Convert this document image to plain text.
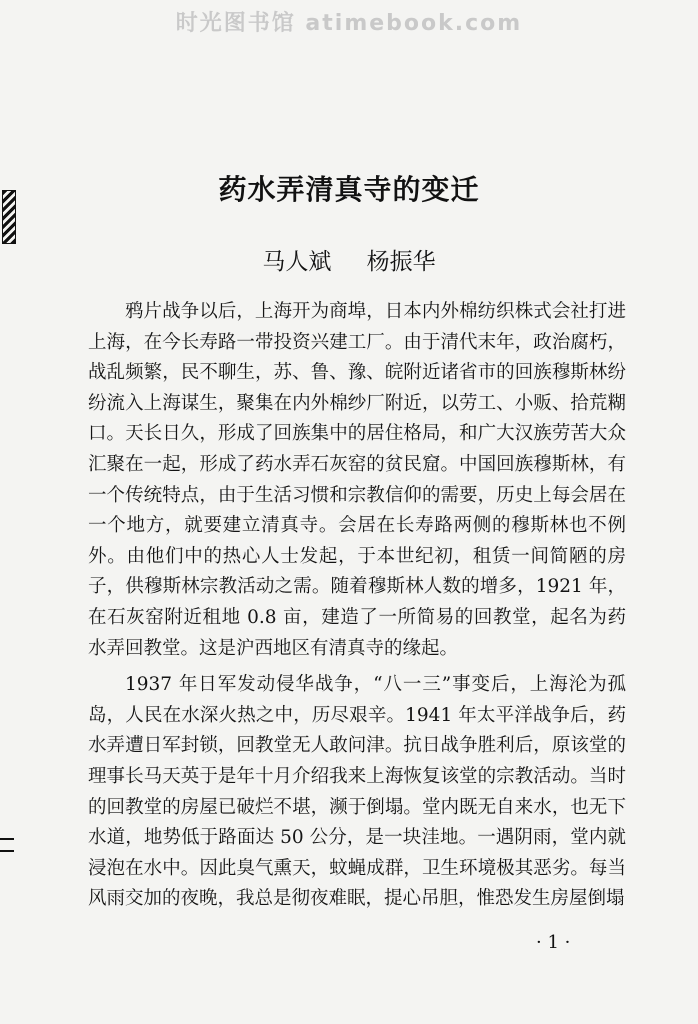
时光图书馆 atimebook.com
药水弄清真寺的变迁
马人斌 杨振华

鸦片战争以后，上海开为商埠，日本内外棉纺织株式会社打进上海，在今长寿路一带投资兴建工厂。由于清代末年，政治腐朽，战乱频繁，民不聊生，苏、鲁、豫、皖附近诸省市的回族穆斯林纷纷流入上海谋生，聚集在内外棉纱厂附近，以劳工、小贩、拾荒糊口。天长日久，形成了回族集中的居住格局，和广大汉族劳苦大众汇聚在一起，形成了药水弄石灰窑的贫民窟。中国回族穆斯林，有一个传统特点，由于生活习惯和宗教信仰的需要，历史上每会居在一个地方，就要建立清真寺。会居在长寿路两侧的穆斯林也不例外。由他们中的热心人士发起，于本世纪初，租赁一间简陋的房子，供穆斯林宗教活动之需。随着穆斯林人数的增多，1921 年，在石灰窑附近租地 0.8 亩，建造了一所简易的回教堂，起名为药水弄回教堂。这是沪西地区有清真寺的缘起。

1937 年日军发动侵华战争，“八一三”事变后，上海沦为孤岛，人民在水深火热之中，历尽艰辛。1941 年太平洋战争后，药水弄遭日军封锁，回教堂无人敢问津。抗日战争胜利后，原该堂的理事长马天英于是年十月介绍我来上海恢复该堂的宗教活动。当时的回教堂的房屋已破烂不堪，濒于倒塌。堂内既无自来水，也无下水道，地势低于路面达 50 公分，是一块洼地。一遇阴雨，堂内就浸泡在水中。因此臭气熏天，蚊蝇成群，卫生环境极其恶劣。每当风雨交加的夜晚，我总是彻夜难眠，提心吊胆，惟恐发生房屋倒塌

· 1 ·
